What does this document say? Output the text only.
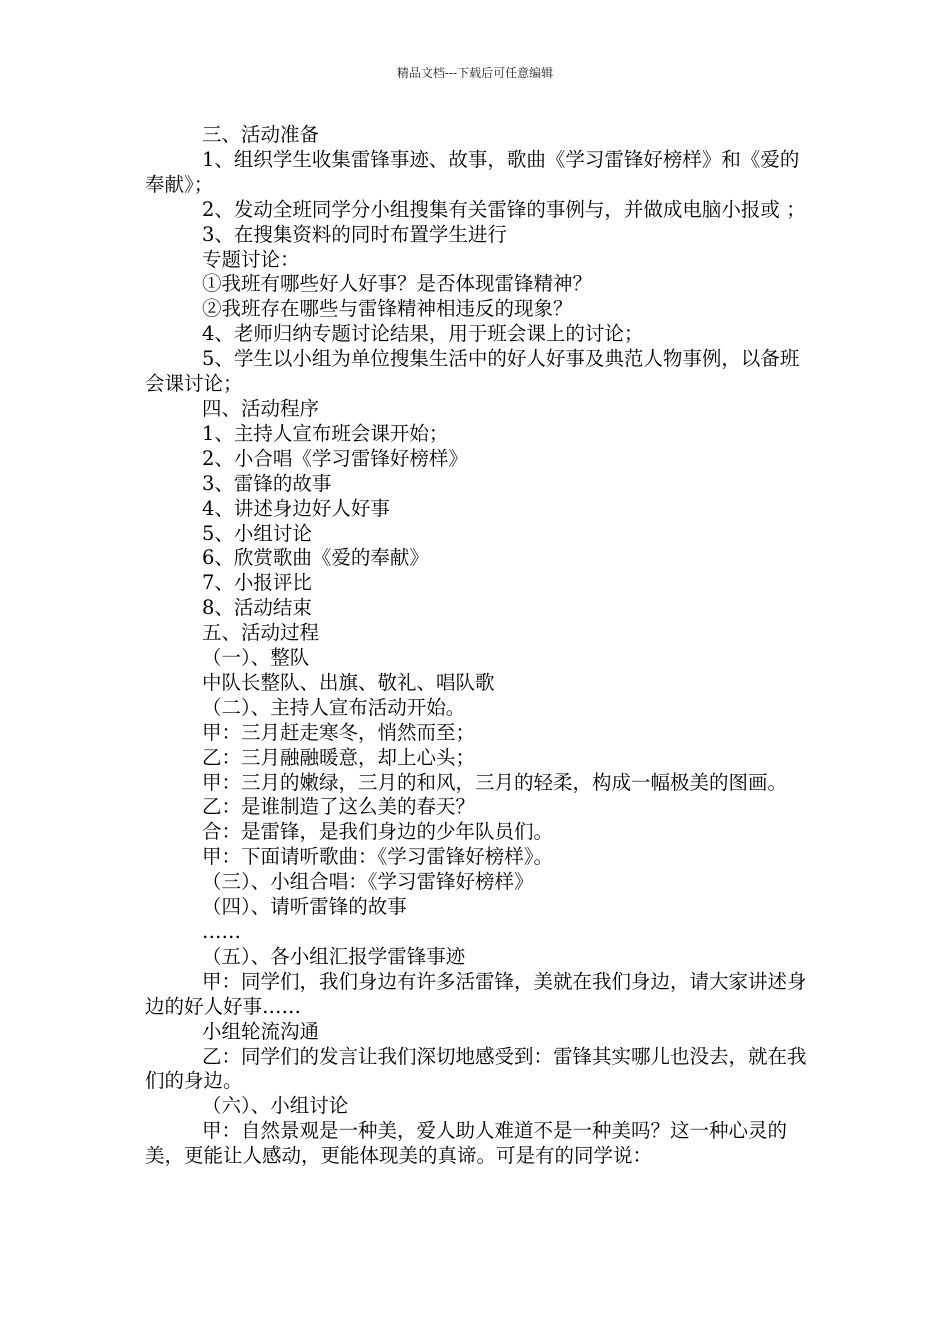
精品文档---下载后可任意编辑

三、活动准备

1、组织学生收集雷锋事迹、故事，歌曲《学习雷锋好榜样》和《爱的奉献》；

2、发动全班同学分小组搜集有关雷锋的事例与，并做成电脑小报或 ；

3、在搜集资料的同时布置学生进行

专题讨论：

①我班有哪些好人好事？是否体现雷锋精神？

②我班存在哪些与雷锋精神相违反的现象？

4、老师归纳专题讨论结果，用于班会课上的讨论；

5、学生以小组为单位搜集生活中的好人好事及典范人物事例，以备班会课讨论；

四、活动程序

1、主持人宣布班会课开始；

2、小合唱《学习雷锋好榜样》

3、雷锋的故事

4、讲述身边好人好事

5、小组讨论

6、欣赏歌曲《爱的奉献》

7、小报评比

8、活动结束

五、活动过程

（一）、整队

中队长整队、出旗、敬礼、唱队歌

（二）、主持人宣布活动开始。

甲：三月赶走寒冬，悄然而至；

乙：三月融融暖意，却上心头；

甲：三月的嫩绿，三月的和风，三月的轻柔，构成一幅极美的图画。

乙：是谁制造了这么美的春天？

合：是雷锋，是我们身边的少年队员们。

甲：下面请听歌曲：《学习雷锋好榜样》。

（三）、小组合唱：《学习雷锋好榜样》

（四）、请听雷锋的故事

……

（五）、各小组汇报学雷锋事迹

甲：同学们，我们身边有许多活雷锋，美就在我们身边，请大家讲述身边的好人好事……

小组轮流沟通

乙：同学们的发言让我们深切地感受到：雷锋其实哪儿也没去，就在我们的身边。

（六）、小组讨论

甲：自然景观是一种美，爱人助人难道不是一种美吗？这一种心灵的美，更能让人感动，更能体现美的真谛。可是有的同学说：
